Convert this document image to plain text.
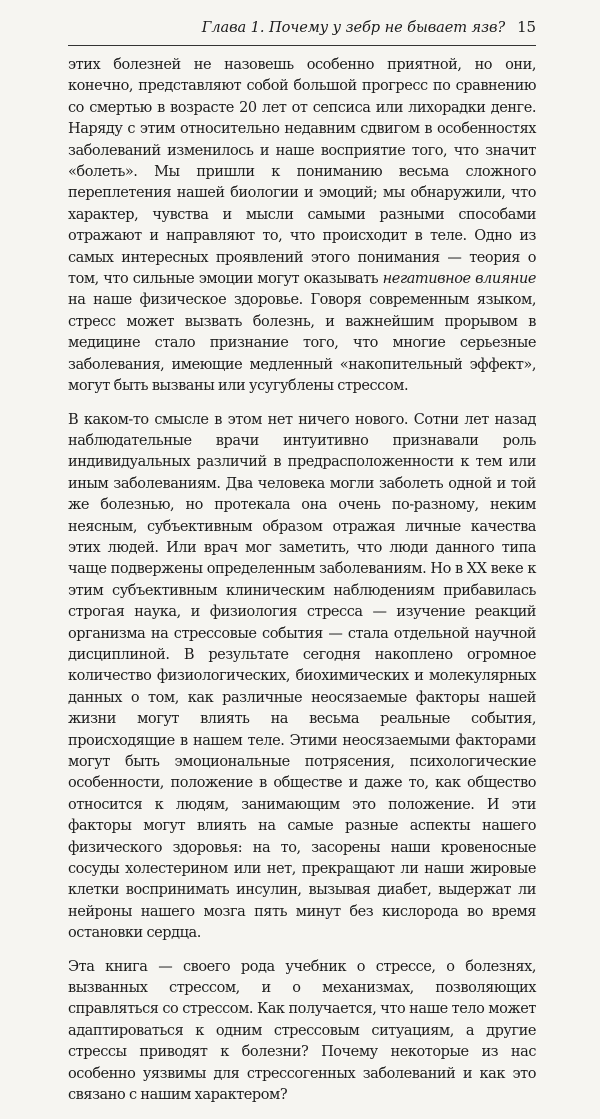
Глава 1. Почему у зебр не бывает язв? 15

этих болезней не назовешь особенно приятной, но они, конечно, представляют собой большой прогресс по сравнению со смертью в возрасте 20 лет от сепсиса или лихорадки денге. Наряду с этим относительно недавним сдвигом в особенностях заболеваний изменилось и наше восприятие того, что значит «болеть». Мы пришли к пониманию весьма сложного переплетения нашей биологии и эмоций; мы обнаружили, что характер, чувства и мысли самыми разными способами отражают и направляют то, что происходит в теле. Одно из самых интересных проявлений этого понимания — теория о том, что сильные эмоции могут оказывать негативное влияние на наше физическое здоровье. Говоря современным языком, стресс может вызвать болезнь, и важнейшим прорывом в медицине стало признание того, что многие серьезные заболевания, имеющие медленный «накопительный эффект», могут быть вызваны или усугублены стрессом.

В каком-то смысле в этом нет ничего нового. Сотни лет назад наблюдательные врачи интуитивно признавали роль индивидуальных различий в предрасположенности к тем или иным заболеваниям. Два человека могли заболеть одной и той же болезнью, но протекала она очень по-разному, неким неясным, субъективным образом отражая личные качества этих людей. Или врач мог заметить, что люди данного типа чаще подвержены определенным заболеваниям. Но в XX веке к этим субъективным клиническим наблюдениям прибавилась строгая наука, и физиология стресса — изучение реакций организма на стрессовые события — стала отдельной научной дисциплиной. В результате сегодня накоплено огромное количество физиологических, биохимических и молекулярных данных о том, как различные неосязаемые факторы нашей жизни могут влиять на весьма реальные события, происходящие в нашем теле. Этими неосязаемыми факторами могут быть эмоциональные потрясения, психологические особенности, положение в обществе и даже то, как общество относится к людям, занимающим это положение. И эти факторы могут влиять на самые разные аспекты нашего физического здоровья: на то, засорены наши кровеносные сосуды холестерином или нет, прекращают ли наши жировые клетки воспринимать инсулин, вызывая диабет, выдержат ли нейроны нашего мозга пять минут без кислорода во время остановки сердца.

Эта книга — своего рода учебник о стрессе, о болезнях, вызванных стрессом, и о механизмах, позволяющих справляться со стрессом. Как получается, что наше тело может адаптироваться к одним стрессовым ситуациям, а другие стрессы приводят к болезни? Почему некоторые из нас особенно уязвимы для стрессогенных заболеваний и как это связано с нашим характером?
